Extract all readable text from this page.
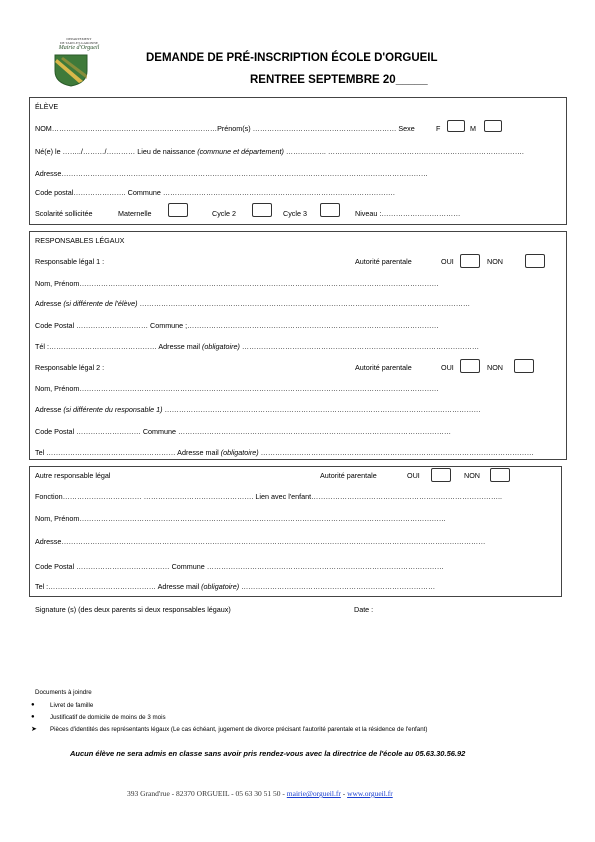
DEPARTEMENT
DE TARN-ET-GARONNE
Mairie d'Orgueil
DEMANDE DE PRÉ-INSCRIPTION ÉCOLE D'ORGUEIL
RENTREE SEPTEMBRE 20_____
ÉLÈVE
NOM……………………………………………………………Prénom(s) …………………………………………………… Sexe	F	M
Né(e) le ……../………/………… Lieu de naissance (commune et département) …………….. ……………………………………………………………………….
Adresse………………………………………………………………………………………………………………………………………
Code postal…………………. Commune …………………………………………………………………………………….
Scolarité sollicitée	Maternelle	Cycle 2	Cycle 3	Niveau :……………………………
RESPONSABLES LÉGAUX
Responsable légal 1 :	Autorité parentale	OUI	NON
Nom, Prénom……………………………………………………………………………………………………………………………………
Adresse (si différente de l'élève) …………………………………………………………………………………………………………………………
Code Postal ………………………… Commune ;……………………………………………………………………………………………
Tél :……………………………………… Adresse mail (obligatoire) ………………………………………………………………………………………
Responsable légal 2 :	Autorité parentale	OUI	NON
Nom, Prénom……………………………………………………………………………………………………………………………………
Adresse (si différente du responsable 1) ……………………………………………………………………………………………………………………
Code Postal ……………………… Commune ……………………………………………………………………………………………………
Tel ……………………………………………… Adresse mail (obligatoire) ……………………………………………………………………………………………………
Autre responsable légal	Autorité parentale	OUI	NON
Fonction…………………………… ………………………………………. Lien avec l'enfant……………………………………………………………………..
Nom, Prénom………………………………………………………………………………………………………………………………………
Adresse……………………………………………………………………………………………………………………………………………………………
Code Postal ………………………………… Commune ………………………………………………………………………………………
Tel :……………………………………… Adresse mail (obligatoire) ………………………………………………………………………
Signature (s) (des deux parents si deux responsables légaux)	Date :
Documents à joindre
● Livret de famille
● Justificatif de domicile de moins de 3 mois
➤ Pièces d'identités des représentants légaux (Le cas échéant, jugement de divorce précisant l'autorité parentale et la résidence de l'enfant)
Aucun élève ne sera admis en classe sans avoir pris rendez-vous avec la directrice de l'école au 05.63.30.56.92
393 Grand'rue - 82370 ORGUEIL - 05 63 30 51 50 - mairie@orgueil.fr - www.orgueil.fr
